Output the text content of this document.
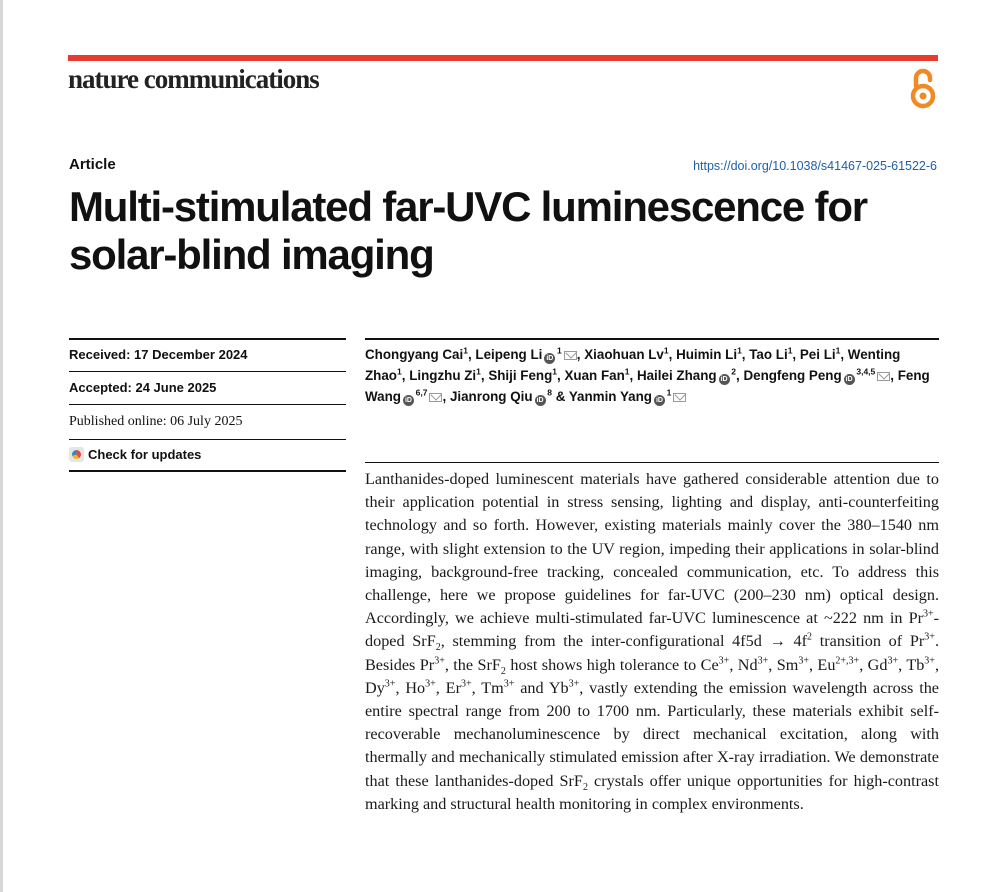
nature communications
Article	https://doi.org/10.1038/s41467-025-61522-6
Multi-stimulated far-UVC luminescence for solar-blind imaging
Received: 17 December 2024
Accepted: 24 June 2025
Published online: 06 July 2025
Check for updates
Chongyang Cai$^1$, Leipeng Li iD $^1$ , Xiaohuan Lv$^1$, Huimin Li$^1$, Tao Li$^1$, Pei Li$^1$, Wenting Zhao$^1$, Lingzhu Zi$^1$, Shiji Feng$^1$, Xuan Fan$^1$, Hailei Zhang iD $^2$, Dengfeng Peng iD $^{3,4,5}$ , Feng Wang iD $^{6,7}$ , Jianrong Qiu iD $^8$ & Yanmin Yang iD $^1$

Lanthanides-doped luminescent materials have gathered considerable attention due to their application potential in stress sensing, lighting and display, anti-counterfeiting technology and so forth. However, existing materials mainly cover the 380–1540 nm range, with slight extension to the UV region, impeding their applications in solar-blind imaging, background-free tracking, concealed communication, etc. To address this challenge, here we propose guidelines for far-UVC (200–230 nm) optical design. Accordingly, we achieve multi-stimulated far-UVC luminescence at ~222 nm in $Pr^{3+}$-doped SrF$_2$, stemming from the inter-configurational $4f5d \to 4f^2$ transition of $Pr^{3+}$. Besides $Pr^{3+}$, the SrF$_2$ host shows high tolerance to $Ce^{3+}$, $Nd^{3+}$, $Sm^{3+}$, $Eu^{2+,3+}$, $Gd^{3+}$, $Tb^{3+}$, $Dy^{3+}$, $Ho^{3+}$, $Er^{3+}$, $Tm^{3+}$ and $Yb^{3+}$, vastly extending the emission wavelength across the entire spectral range from 200 to 1700 nm. Particularly, these materials exhibit self-recoverable mechanoluminescence by direct mechanical excitation, along with thermally and mechanically stimulated emission after X-ray irradiation. We demonstrate that these lanthanides-doped SrF$_2$ crystals offer unique opportunities for high-contrast marking and structural health monitoring in complex environments.
